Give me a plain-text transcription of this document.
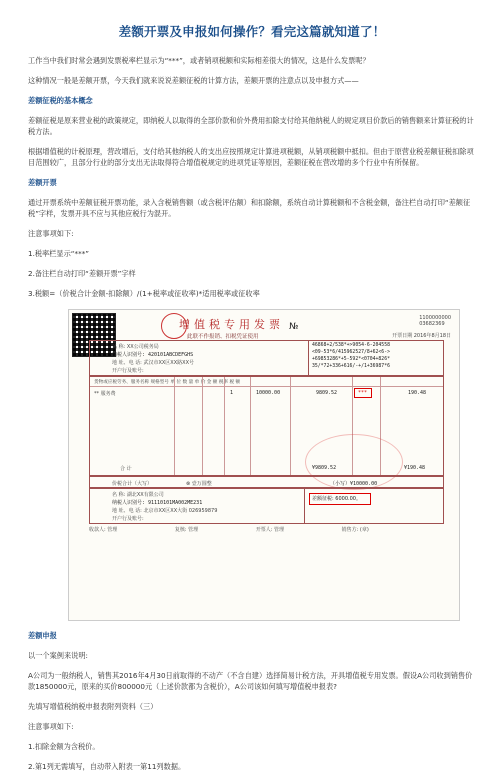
差额开票及申报如何操作？看完这篇就知道了！

工作当中我们时常会遇到发票税率栏显示为“***”，或者销项税额和实际相差很大的情况，这是什么发票呢？

这种情况一般是差额开票，今天我们就来说说差额征税的计算方法，差额开票的注意点以及申报方式——

差额征税的基本概念

差额征税是原来营业税的政策规定，即纳税人以取得的全部价款和价外费用扣除支付给其他纳税人的规定项目价款后的销售额来计算征税的计税方法。

根据增值税的计税原理，营改增后，支付给其他纳税人的支出应按照规定计算进项税额，从销项税额中抵扣。但由于原营业税差额征税扣除项目范围较广，且部分行业的部分支出无法取得符合增值税规定的进项凭证等原因，差额征税在营改增的多个行业中有所保留。

差额开票

通过开票系统中差额征税开票功能，录入含税销售额（或含税评估额）和扣除额，系统自动计算税额和不含税金额，备注栏自动打印“差额征税”字样，发票开具不应与其他应税行为混开。

注意事项如下:

1.税率栏显示“***”

2.备注栏自动打印“差额开票”字样

3.税额=（价税合计金额-扣除额）/(1+税率或征收率)*适用税率或征收率

增值税专用发票
此联不作报销、扣税凭证使用
№
1100000000
03682369
开票日期 2016年8月18日
名 称: XX公司税务局
纳税人识别号: 420101ABCDEFGHS
地 址、电 话: 武汉市XX区XX路XX号
开户行及账号:
46868+2/538*+>9054-6-204558
<09-53*6/415962527/8+62<6->
+69853286*+5-592*<0704+826*
35/*72+336+616/-+/1+36987*6
货物或应税劳务、服务名称 规格型号 单 位 数 量 单 价 金 额 税率 税 额
** 服务费	1	10000.00	9809.52	***	190.48
合 计	¥9809.52	¥190.48
价税合计（大写）	⊗ 壹万圆整	（小写）¥10000.00
名 称: 湖北XX有限公司
纳税人识别号: 91110101MA002ME231
地 址、电 话: 北京市XX区XX大街 026959879
开户行及账号:
差额征税: 6000.00。
收款人: 管理	复核: 管理	开票人: 管理	销售方: (章)

差额申报

以一个案例来说明:

A公司为一般纳税人，销售其2016年4月30日前取得的不动产（不含自建）选择简易计税方法，开具增值税专用发票。假设A公司收到销售价款1850000元，原来的买价800000元（上述价款都为含税价），A公司该如何填写增值税申报表?

先填写增值税纳税申报表附列资料（三）

注意事项如下:

1.扣除金额为含税价。

2.第1列无需填写，自动带入附表一第11列数据。
